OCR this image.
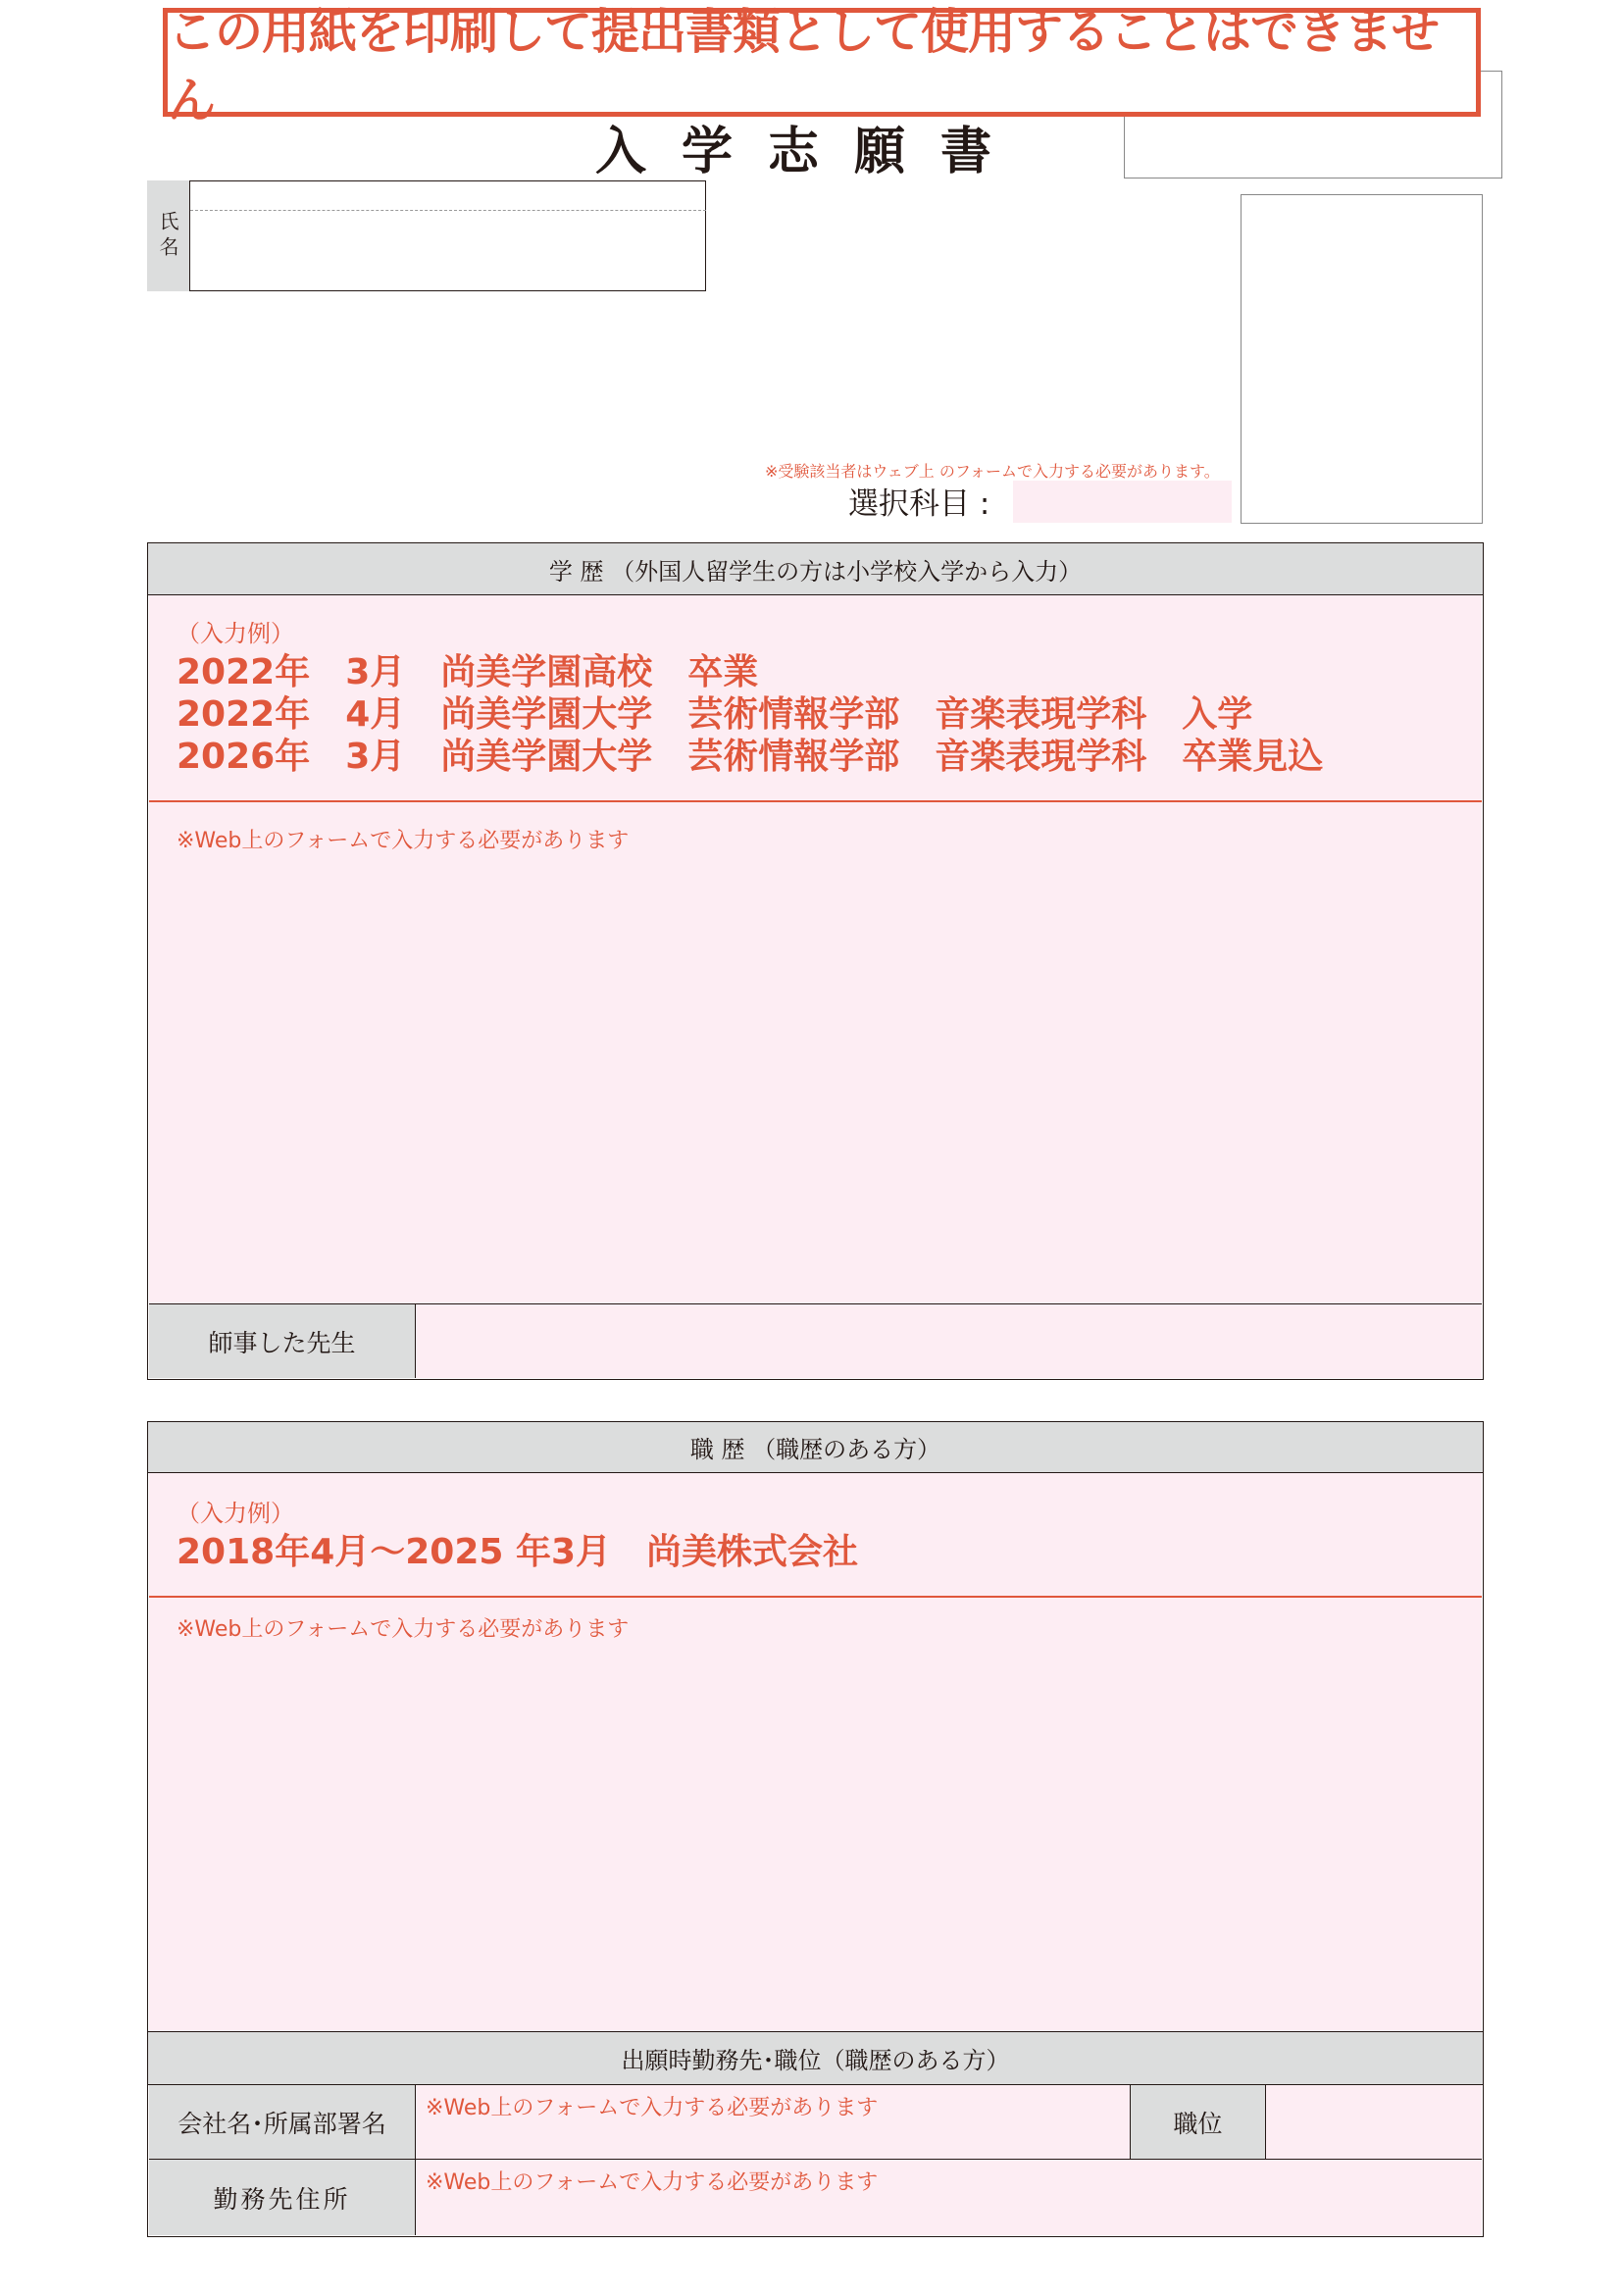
この用紙を印刷して提出書類として使用することはできません
入学志願書
氏名
※受験該当者はウェブ上 のフォームで入力する必要があります。
選択科目 :
学 歴 （外国人留学生の方は小学校入学から入力）
（入力例）
2022年　3月　尚美学園高校　卒業
2022年　4月　尚美学園大学　芸術情報学部　音楽表現学科　入学
2026年　3月　尚美学園大学　芸術情報学部　音楽表現学科　卒業見込
※Web上のフォームで入力する必要があります
師事した先生
職 歴 （職歴のある方）
（入力例）
2018年4月～2025 年3月　尚美株式会社
※Web上のフォームで入力する必要があります
出願時勤務先･職位（職歴のある方）
会社名･所属部署名
※Web上のフォームで入力する必要があります
職位
勤務先住所
※Web上のフォームで入力する必要があります
